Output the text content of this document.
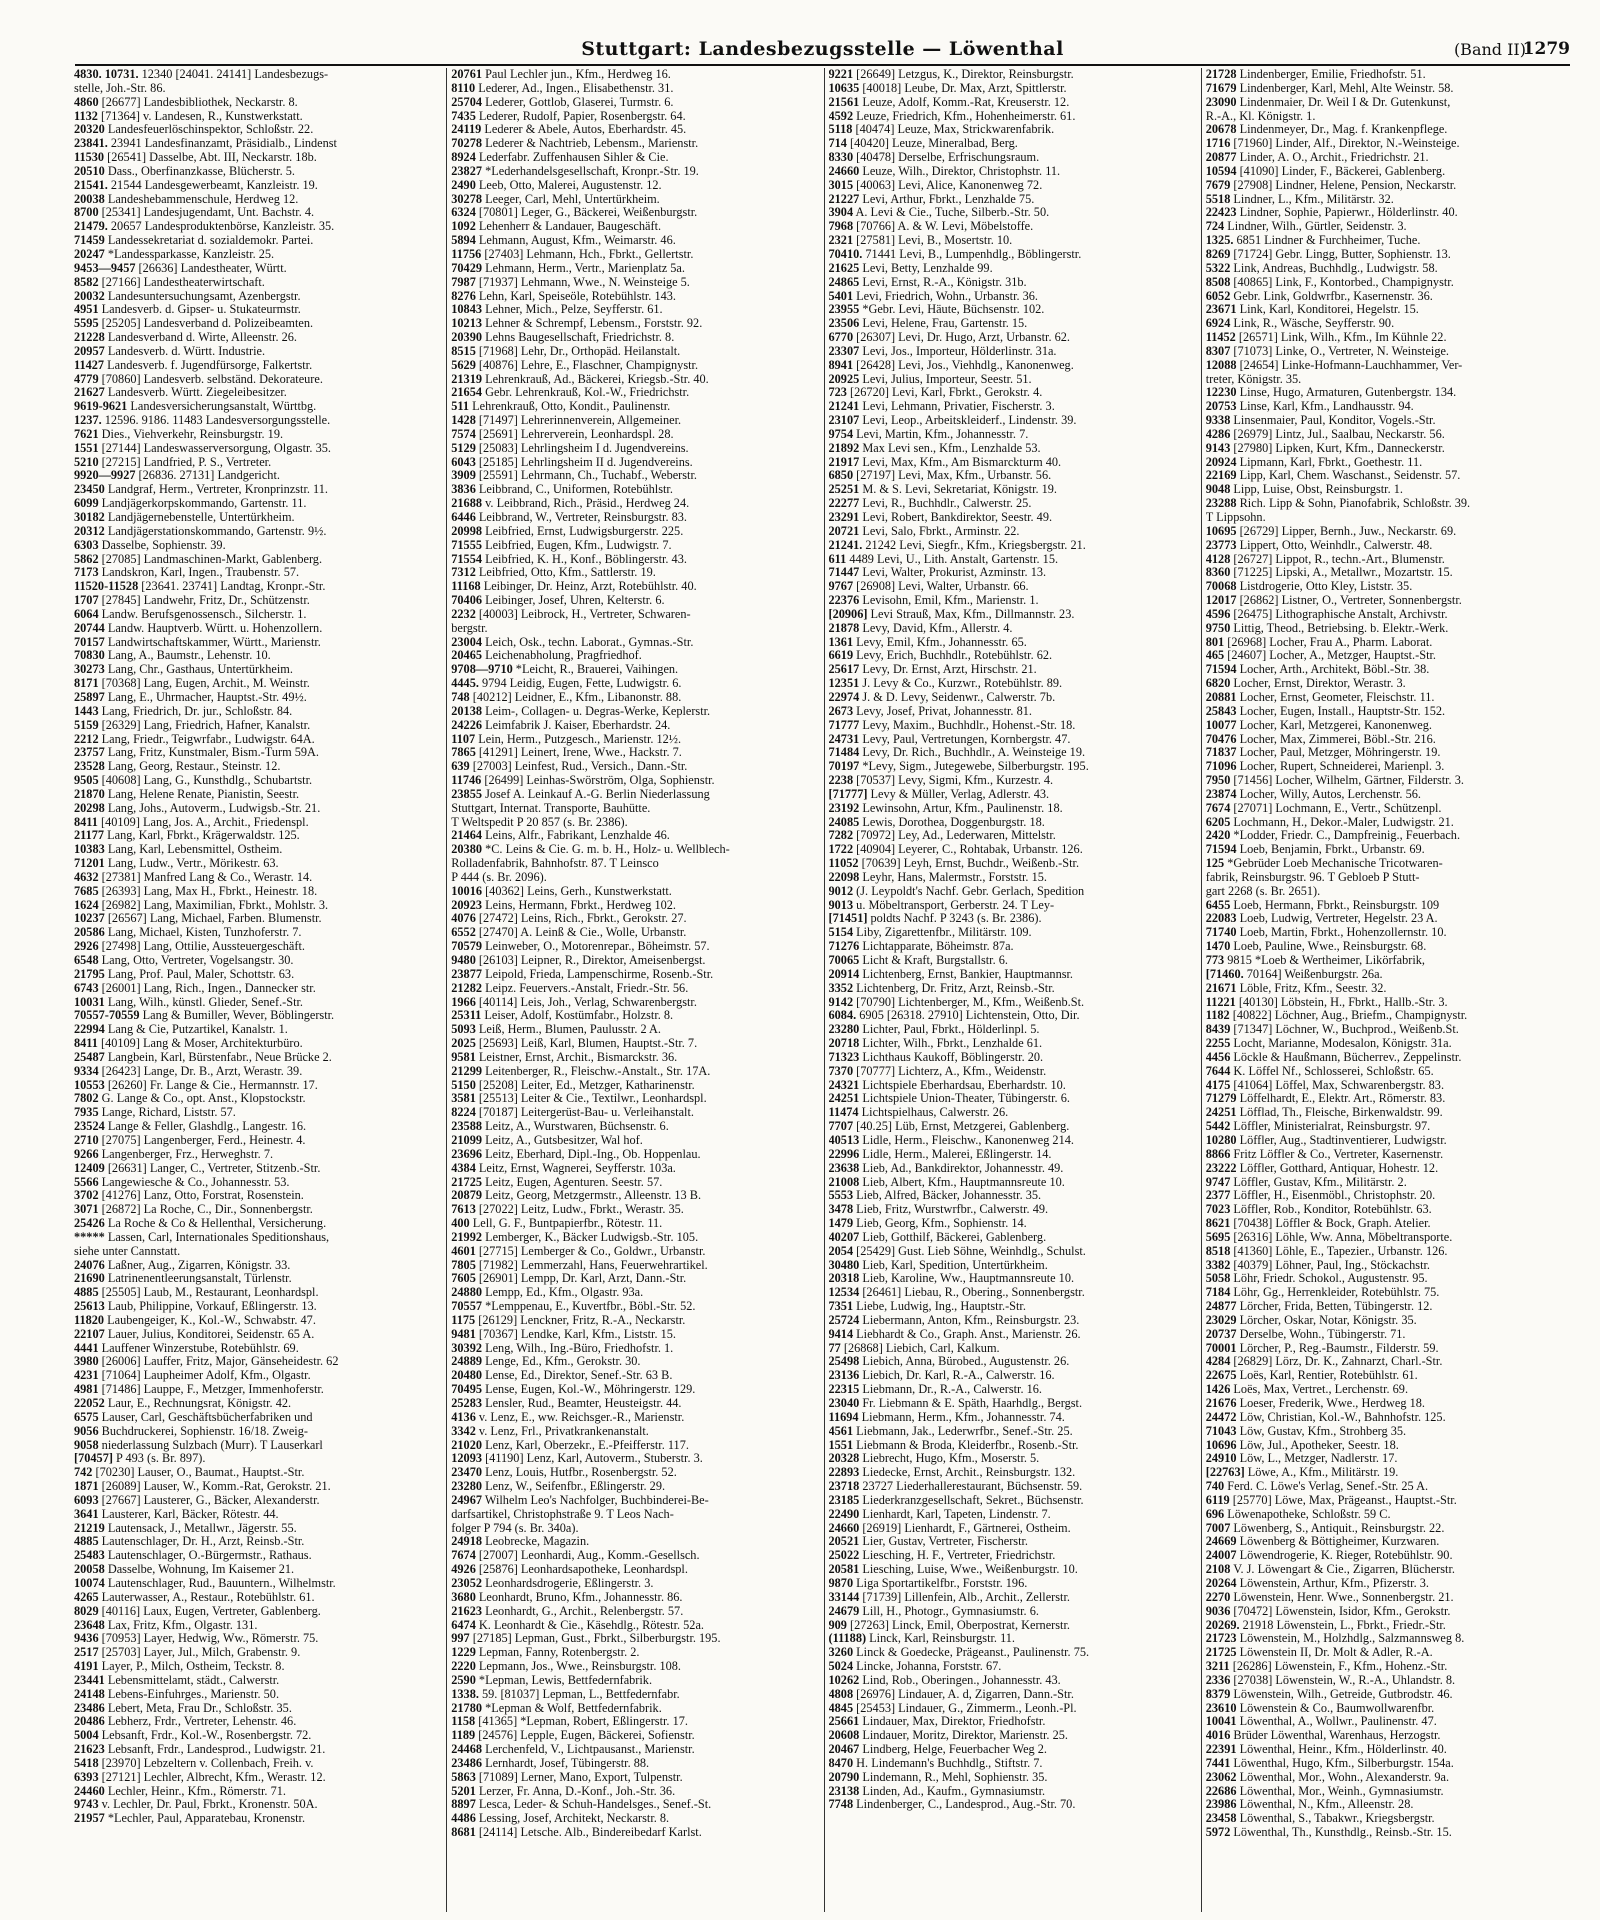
Stuttgart: Landesbezugsstelle — Löwenthal	(Band II)
1279
4830. 10731. 12340 [24041. 24141] Landesbezugs-
stelle, Joh.-Str. 86.
4860 [26677] Landesbibliothek, Neckarstr. 8.
1132 [71364] v. Landesen, R., Kunstwerkstatt.
20320 Landesfeuerlöschinspektor, Schloßstr. 22.
23841. 23941 Landesfinanzamt, Präsidialb., Lindenst
11530 [26541] Dasselbe, Abt. III, Neckarstr. 18b.
20510 Dass., Oberfinanzkasse, Blücherstr. 5.
21541. 21544 Landesgewerbeamt, Kanzleistr. 19.
20038 Landeshebammenschule, Herdweg 12.
8700 [25341] Landesjugendamt, Unt. Bachstr. 4.
21479. 20657 Landesproduktenbörse, Kanzleistr. 35.
71459 Landessekretariat d. sozialdemokr. Partei.
20247 *Landessparkasse, Kanzleistr. 25.
9453—9457 [26636] Landestheater, Württ.
8582 [27166] Landestheaterwirtschaft.
20032 Landesuntersuchungsamt, Azenbergstr.
4951 Landesverb. d. Gipser- u. Stukateurmstr.
5595 [25205] Landesverband d. Polizeibeamten.
21228 Landesverband d. Wirte, Alleenstr. 26.
20957 Landesverb. d. Württ. Industrie.
11427 Landesverb. f. Jugendfürsorge, Falkertstr.
4779 [70860] Landesverb. selbständ. Dekorateure.
21627 Landesverb. Württ. Ziegeleibesitzer.
9619-9621 Landesversicherungsanstalt, Württbg.
1237. 12596. 9186. 11483 Landesversorgungsstelle.
7621 Dies., Viehverkehr, Reinsburgstr. 19.
1551 [27144] Landeswasserversorgung, Olgastr. 35.
5210 [27215] Landfried, P. S., Vertreter.
9920—9927 [26836. 27131] Landgericht.
23450 Landgraf, Herm., Vertreter, Kronprinzstr. 11.
6099 Landjägerkorpskommando, Gartenstr. 11.
30182 Landjägernebenstelle, Untertürkheim.
20312 Landjägerstationskommando, Gartenstr. 9½.
6303 Dasselbe, Sophienstr. 39.
5862 [27085] Landmaschinen-Markt, Gablenberg.
7173 Landskron, Karl, Ingen., Traubenstr. 57.
11520-11528 [23641. 23741] Landtag, Kronpr.-Str.
1707 [27845] Landwehr, Fritz, Dr., Schützenstr.
6064 Landw. Berufsgenossensch., Silcherstr. 1.
20744 Landw. Hauptverb. Württ. u. Hohenzollern.
70157 Landwirtschaftskammer, Württ., Marienstr.
70830 Lang, A., Baumstr., Lehenstr. 10.
30273 Lang, Chr., Gasthaus, Untertürkheim.
8171 [70368] Lang, Eugen, Archit., M. Weinstr.
25897 Lang, E., Uhrmacher, Hauptst.-Str. 49½.
1443 Lang, Friedrich, Dr. jur., Schloßstr. 84.
5159 [26329] Lang, Friedrich, Hafner, Kanalstr.
2212 Lang, Friedr., Teigwrfabr., Ludwigstr. 64A.
23757 Lang, Fritz, Kunstmaler, Bism.-Turm 59A.
23528 Lang, Georg, Restaur., Steinstr. 12.
9505 [40608] Lang, G., Kunsthdlg., Schubartstr.
21870 Lang, Helene Renate, Pianistin, Seestr.
20298 Lang, Johs., Autoverm., Ludwigsb.-Str. 21.
8411 [40109] Lang, Jos. A., Archit., Friedenspl.
21177 Lang, Karl, Fbrkt., Krägerwaldstr. 125.
10383 Lang, Karl, Lebensmittel, Ostheim.
71201 Lang, Ludw., Vertr., Mörikestr. 63.
4632 [27381] Manfred Lang & Co., Werastr. 14.
7685 [26393] Lang, Max H., Fbrkt., Heinestr. 18.
1624 [26982] Lang, Maximilian, Fbrkt., Mohlstr. 3.
10237 [26567] Lang, Michael, Farben. Blumenstr.
20586 Lang, Michael, Kisten, Tunzhoferstr. 7.
2926 [27498] Lang, Ottilie, Aussteuergeschäft.
6548 Lang, Otto, Vertreter, Vogelsangstr. 30.
21795 Lang, Prof. Paul, Maler, Schottstr. 63.
6743 [26001] Lang, Rich., Ingen., Dannecker str.
10031 Lang, Wilh., künstl. Glieder, Senef.-Str.
70557-70559 Lang & Bumiller, Wever, Böblingerstr.
22994 Lang & Cie, Putzartikel, Kanalstr. 1.
8411 [40109] Lang & Moser, Architekturbüro.
25487 Langbein, Karl, Bürstenfabr., Neue Brücke 2.
9334 [26423] Lange, Dr. B., Arzt, Werastr. 39.
10553 [26260] Fr. Lange & Cie., Hermannstr. 17.
7802 G. Lange & Co., opt. Anst., Klopstockstr.
7935 Lange, Richard, Liststr. 57.
23524 Lange & Feller, Glashdlg., Langestr. 16.
2710 [27075] Langenberger, Ferd., Heinestr. 4.
9266 Langenberger, Frz., Herweghstr. 7.
12409 [26631] Langer, C., Vertreter, Stitzenb.-Str.
5566 Langewiesche & Co., Johannesstr. 53.
3702 [41276] Lanz, Otto, Forstrat, Rosenstein.
3071 [26872] La Roche, C., Dir., Sonnenbergstr.
25426 La Roche & Co & Hellenthal, Versicherung.
***** Lassen, Carl, Internationales Speditionshaus,
siehe unter Cannstatt.
24076 Laßner, Aug., Zigarren, Königstr. 33.
21690 Latrinenentleerungsanstalt, Türlenstr.
4885 [25505] Laub, M., Restaurant, Leonhardspl.
25613 Laub, Philippine, Vorkauf, Eßlingerstr. 13.
11820 Laubengeiger, K., Kol.-W., Schwabstr. 47.
22107 Lauer, Julius, Konditorei, Seidenstr. 65 A.
4441 Lauffener Winzerstube, Rotebühlstr. 69.
3980 [26006] Lauffer, Fritz, Major, Gänseheidestr. 62
4231 [71064] Laupheimer Adolf, Kfm., Olgastr.
4981 [71486] Lauppe, F., Metzger, Immenhoferstr.
22052 Laur, E., Rechnungsrat, Königstr. 42.
6575 Lauser, Carl, Geschäftsbücherfabriken und
9056 Buchdruckerei, Sophienstr. 16/18. Zweig-
9058 niederlassung Sulzbach (Murr). T Lauserkarl
[70457] P 493 (s. Br. 897).
742 [70230] Lauser, O., Baumat., Hauptst.-Str.
1871 [26089] Lauser, W., Komm.-Rat, Gerokstr. 21.
6093 [27667] Lausterer, G., Bäcker, Alexanderstr.
3641 Lausterer, Karl, Bäcker, Rötestr. 44.
21219 Lautensack, J., Metallwr., Jägerstr. 55.
4885 Lautenschlager, Dr. H., Arzt, Reinsb.-Str.
25483 Lautenschlager, O.-Bürgermstr., Rathaus.
20058 Dasselbe, Wohnung, Im Kaisemer 21.
10074 Lautenschlager, Rud., Bauuntern., Wilhelmstr.
4265 Lauterwasser, A., Restaur., Rotebühlstr. 61.
8029 [40116] Laux, Eugen, Vertreter, Gablenberg.
23648 Lax, Fritz, Kfm., Olgastr. 131.
9436 [70953] Layer, Hedwig, Ww., Römerstr. 75.
2517 [25703] Layer, Jul., Milch, Grabenstr. 9.
4191 Layer, P., Milch, Ostheim, Teckstr. 8.
23441 Lebensmittelamt, städt., Calwerstr.
24148 Lebens-Einfuhrges., Marienstr. 50.
23486 Lebert, Meta, Frau Dr., Schloßstr. 35.
20486 Lebherz, Frdr., Vertreter, Lehenstr. 46.
5004 Lebsanft, Frdr., Kol.-W., Rosenbergstr. 72.
21623 Lebsanft, Frdr., Landesprod., Ludwigstr. 21.
5418 [23970] Lebzeltern v. Collenbach, Freih. v.
6393 [27121] Lechler, Albrecht, Kfm., Werastr. 12.
24460 Lechler, Heinr., Kfm., Römerstr. 71.
9743 v. Lechler, Dr. Paul, Fbrkt., Kronenstr. 50A.
21957 *Lechler, Paul, Apparatebau, Kronenstr.
20761 Paul Lechler jun., Kfm., Herdweg 16.
8110 Lederer, Ad., Ingen., Elisabethenstr. 31.
25704 Lederer, Gottlob, Glaserei, Turmstr. 6.
7435 Lederer, Rudolf, Papier, Rosenbergstr. 64.
24119 Lederer & Abele, Autos, Eberhardstr. 45.
70278 Lederer & Nachtrieb, Lebensm., Marienstr.
8924 Lederfabr. Zuffenhausen Sihler & Cie.
23827 *Lederhandelsgesellschaft, Kronpr.-Str. 19.
2490 Leeb, Otto, Malerei, Augustenstr. 12.
30278 Leeger, Carl, Mehl, Untertürkheim.
6324 [70801] Leger, G., Bäckerei, Weißenburgstr.
1092 Lehenherr & Landauer, Baugeschäft.
5894 Lehmann, August, Kfm., Weimarstr. 46.
11756 [27403] Lehmann, Hch., Fbrkt., Gellertstr.
70429 Lehmann, Herm., Vertr., Marienplatz 5a.
7987 [71937] Lehmann, Wwe., N. Weinsteige 5.
8276 Lehn, Karl, Speiseöle, Rotebühlstr. 143.
10843 Lehner, Mich., Pelze, Seyfferstr. 61.
10213 Lehner & Schrempf, Lebensm., Forststr. 92.
20390 Lehns Baugesellschaft, Friedrichstr. 8.
8515 [71968] Lehr, Dr., Orthopäd. Heilanstalt.
5629 [40876] Lehre, E., Flaschner, Champignystr.
21319 Lehrenkrauß, Ad., Bäckerei, Kriegsb.-Str. 40.
21654 Gebr. Lehrenkrauß, Kol.-W., Friedrichstr.
511 Lehrenkrauß, Otto, Kondit., Paulinenstr.
1428 [71497] Lehrerinnenverein, Allgemeiner.
7574 [25691] Lehrerverein, Leonhardspl. 28.
5129 [25083] Lehrlingsheim I d. Jugendvereins.
6043 [25185] Lehrlingsheim II d. Jugendvereins.
3909 [25591] Lehrmann, Ch., Tuchabf., Weberstr.
3836 Leibbrand, C., Uniformen, Rotebühlstr.
21688 v. Leibbrand, Rich., Präsid., Herdweg 24.
6446 Leibbrand, W., Vertreter, Reinsburgstr. 83.
20998 Leibfried, Ernst, Ludwigsburgerstr. 225.
71555 Leibfried, Eugen, Kfm., Ludwigstr. 7.
71554 Leibfried, K. H., Konf., Böblingerstr. 43.
7312 Leibfried, Otto, Kfm., Sattlerstr. 19.
11168 Leibinger, Dr. Heinz, Arzt, Rotebühlstr. 40.
70406 Leibinger, Josef, Uhren, Kelterstr. 6.
2232 [40003] Leibrock, H., Vertreter, Schwaren-
bergstr.
23004 Leich, Osk., techn. Laborat., Gymnas.-Str.
20465 Leichenabholung, Pragfriedhof.
9708—9710 *Leicht, R., Brauerei, Vaihingen.
4445. 9794 Leidig, Eugen, Fette, Ludwigstr. 6.
748 [40212] Leidner, E., Kfm., Libanonstr. 88.
20138 Leim-, Collagen- u. Degras-Werke, Keplerstr.
24226 Leimfabrik J. Kaiser, Eberhardstr. 24.
1107 Lein, Herm., Putzgesch., Marienstr. 12½.
7865 [41291] Leinert, Irene, Wwe., Hackstr. 7.
639 [27003] Leinfest, Rud., Versich., Dann.-Str.
11746 [26499] Leinhas-Swörström, Olga, Sophienstr.
23855 Josef A. Leinkauf A.-G. Berlin Niederlassung
Stuttgart, Internat. Transporte, Bauhütte.
T Weltspedit P 20 857 (s. Br. 2386).
21464 Leins, Alfr., Fabrikant, Lenzhalde 46.
20380 *C. Leins & Cie. G. m. b. H., Holz- u. Wellblech-
Rolladenfabrik, Bahnhofstr. 87. T Leinsco
P 444 (s. Br. 2096).
10016 [40362] Leins, Gerh., Kunstwerkstatt.
20923 Leins, Hermann, Fbrkt., Herdweg 102.
4076 [27472] Leins, Rich., Fbrkt., Gerokstr. 27.
6552 [27470] A. Leinß & Cie., Wolle, Urbanstr.
70579 Leinweber, O., Motorenrepar., Böheimstr. 57.
9480 [26103] Leipner, R., Direktor, Ameisenbergst.
23877 Leipold, Frieda, Lampenschirme, Rosenb.-Str.
21282 Leipz. Feuervers.-Anstalt, Friedr.-Str. 56.
1966 [40114] Leis, Joh., Verlag, Schwarenbergstr.
25311 Leiser, Adolf, Kostümfabr., Holzstr. 8.
5093 Leiß, Herm., Blumen, Paulusstr. 2 A.
2025 [25693] Leiß, Karl, Blumen, Hauptst.-Str. 7.
9581 Leistner, Ernst, Archit., Bismarckstr. 36.
21299 Leitenberger, R., Fleischw.-Anstalt., Str. 17A.
5150 [25208] Leiter, Ed., Metzger, Katharinenstr.
3581 [25513] Leiter & Cie., Textilwr., Leonhardspl.
8224 [70187] Leitergerüst-Bau- u. Verleihanstalt.
23588 Leitz, A., Wurstwaren, Büchsenstr. 6.
21099 Leitz, A., Gutsbesitzer, Wal hof.
23696 Leitz, Eberhard, Dipl.-Ing., Ob. Hoppenlau.
4384 Leitz, Ernst, Wagnerei, Seyfferstr. 103a.
21725 Leitz, Eugen, Agenturen. Seestr. 57.
20879 Leitz, Georg, Metzgermstr., Alleenstr. 13 B.
7613 [27022] Leitz, Ludw., Fbrkt., Werastr. 35.
400 Lell, G. F., Buntpapierfbr., Rötestr. 11.
21992 Lemberger, K., Bäcker Ludwigsb.-Str. 105.
4601 [27715] Lemberger & Co., Goldwr., Urbanstr.
7805 [71982] Lemmerzahl, Hans, Feuerwehrartikel.
7605 [26901] Lempp, Dr. Karl, Arzt, Dann.-Str.
24880 Lempp, Ed., Kfm., Olgastr. 93a.
70557 *Lemppenau, E., Kuvertfbr., Böbl.-Str. 52.
1175 [26129] Lenckner, Fritz, R.-A., Neckarstr.
9481 [70367] Lendke, Karl, Kfm., Liststr. 15.
30392 Leng, Wilh., Ing.-Büro, Friedhofstr. 1.
24889 Lenge, Ed., Kfm., Gerokstr. 30.
20480 Lense, Ed., Direktor, Senef.-Str. 63 B.
70495 Lense, Eugen, Kol.-W., Möhringerstr. 129.
25283 Lensler, Rud., Beamter, Heusteigstr. 44.
4136 v. Lenz, E., ww. Reichsger.-R., Marienstr.
3342 v. Lenz, Frl., Privatkrankenanstalt.
21020 Lenz, Karl, Oberzekr., E.-Pfeifferstr. 117.
12093 [41190] Lenz, Karl, Autoverm., Stuberstr. 3.
23470 Lenz, Louis, Hutfbr., Rosenbergstr. 52.
23280 Lenz, W., Seifenfbr., Eßlingerstr. 29.
24967 Wilhelm Leo's Nachfolger, Buchbinderei-Be-
darfsartikel, Christophstraße 9. T Leos Nach-
folger P 794 (s. Br. 340a).
24918 Leobrecke, Magazin.
7674 [27007] Leonhardi, Aug., Komm.-Gesellsch.
4926 [25876] Leonhardsapotheke, Leonhardspl.
23052 Leonhardsdrogerie, Eßlingerstr. 3.
3680 Leonhardt, Bruno, Kfm., Johannesstr. 86.
21623 Leonhardt, G., Archit., Relenbergstr. 57.
6474 K. Leonhardt & Cie., Käsehdlg., Rötestr. 52a.
997 [27185] Lepman, Gust., Fbrkt., Silberburgstr. 195.
1229 Lepman, Fanny, Rotenbergstr. 2.
2220 Lepmann, Jos., Wwe., Reinsburgstr. 108.
2590 *Lepman, Lewis, Bettfedernfabrik.
1338. 59. [81037] Lepman, L., Bettfedernfabr.
21780 *Lepman & Wolf, Bettfedernfabrik.
1158 [41365] *Lepman, Robert, Eßlingerstr. 17.
1189 [24576] Lepple, Eugen, Bäckerei, Sofienstr.
24468 Lerchenfeld, V., Lichtpausanst., Marienstr.
23486 Lernhardt, Josef, Tübingerstr. 88.
5863 [71089] Lerner, Mano, Export, Tulpenstr.
5201 Lerzer, Fr. Anna, D.-Konf., Joh.-Str. 36.
8897 Lesca, Leder- & Schuh-Handelsges., Senef.-St.
4486 Lessing, Josef, Architekt, Neckarstr. 8.
8681 [24114] Letsche. Alb., Bindereibedarf Karlst.
9221 [26649] Letzgus, K., Direktor, Reinsburgstr.
10635 [40018] Leube, Dr. Max, Arzt, Spittlerstr.
21561 Leuze, Adolf, Komm.-Rat, Kreuserstr. 12.
4592 Leuze, Friedrich, Kfm., Hohenheimerstr. 61.
5118 [40474] Leuze, Max, Strickwarenfabrik.
714 [40420] Leuze, Mineralbad, Berg.
8330 [40478] Derselbe, Erfrischungsraum.
24660 Leuze, Wilh., Direktor, Christophstr. 11.
3015 [40063] Levi, Alice, Kanonenweg 72.
21227 Levi, Arthur, Fbrkt., Lenzhalde 75.
3904 A. Levi & Cie., Tuche, Silberb.-Str. 50.
7968 [70766] A. & W. Levi, Möbelstoffe.
2321 [27581] Levi, B., Mosertstr. 10.
70410. 71441 Levi, B., Lumpenhdlg., Böblingerstr.
21625 Levi, Betty, Lenzhalde 99.
24865 Levi, Ernst, R.-A., Königstr. 31b.
5401 Levi, Friedrich, Wohn., Urbanstr. 36.
23955 *Gebr. Levi, Häute, Büchsenstr. 102.
23506 Levi, Helene, Frau, Gartenstr. 15.
6770 [26307] Levi, Dr. Hugo, Arzt, Urbanstr. 62.
23307 Levi, Jos., Importeur, Hölderlinstr. 31a.
8941 [26428] Levi, Jos., Viehhdlg., Kanonenweg.
20925 Levi, Julius, Importeur, Seestr. 51.
723 [26720] Levi, Karl, Fbrkt., Gerokstr. 4.
21241 Levi, Lehmann, Privatier, Fischerstr. 3.
23107 Levi, Leop., Arbeitskleiderf., Lindenstr. 39.
9754 Levi, Martin, Kfm., Johannesstr. 7.
21892 Max Levi sen., Kfm., Lenzhalde 53.
21917 Levi, Max, Kfm., Am Bismarckturm 40.
6850 [27197] Levi, Max, Kfm., Urbanstr. 56.
25251 M. & S. Levi, Sekretariat, Königstr. 19.
22277 Levi, R., Buchhdlr., Calwerstr. 25.
23291 Levi, Robert, Bankdirektor, Seestr. 49.
20721 Levi, Salo, Fbrkt., Arminstr. 22.
21241. 21242 Levi, Siegfr., Kfm., Kriegsbergstr. 21.
611 4489 Levi, U., Lith. Anstalt, Gartenstr. 15.
71447 Levi, Walter, Prokurist, Azminstr. 13.
9767 [26908] Levi, Walter, Urbanstr. 66.
22376 Levisohn, Emil, Kfm., Marienstr. 1.
[20906] Levi Strauß, Max, Kfm., Dillmannstr. 23.
21878 Levy, David, Kfm., Allerstr. 4.
1361 Levy, Emil, Kfm., Johannesstr. 65.
6619 Levy, Erich, Buchhdlr., Rotebühlstr. 62.
25617 Levy, Dr. Ernst, Arzt, Hirschstr. 21.
12351 J. Levy & Co., Kurzwr., Rotebühlstr. 89.
22974 J. & D. Levy, Seidenwr., Calwerstr. 7b.
2673 Levy, Josef, Privat, Johannesstr. 81.
71777 Levy, Maxim., Buchhdlr., Hohenst.-Str. 18.
24731 Levy, Paul, Vertretungen, Kornbergstr. 47.
71484 Levy, Dr. Rich., Buchhdlr., A. Weinsteige 19.
70197 *Levy, Sigm., Jutegewebe, Silberburgstr. 195.
2238 [70537] Levy, Sigmi, Kfm., Kurzestr. 4.
[71777] Levy & Müller, Verlag, Adlerstr. 43.
23192 Lewinsohn, Artur, Kfm., Paulinenstr. 18.
24085 Lewis, Dorothea, Doggenburgstr. 18.
7282 [70972] Ley, Ad., Lederwaren, Mittelstr.
1722 [40904] Leyerer, C., Rohtabak, Urbanstr. 126.
11052 [70639] Leyh, Ernst, Buchdr., Weißenb.-Str.
22098 Leyhr, Hans, Malermstr., Forststr. 15.
9012 (J. Leypoldt's Nachf. Gebr. Gerlach, Spedition
9013 u. Möbeltransport, Gerberstr. 24. T Ley-
[71451] poldts Nachf. P 3243 (s. Br. 2386).
5154 Liby, Zigarettenfbr., Militärstr. 109.
71276 Lichtapparate, Böheimstr. 87a.
70065 Licht & Kraft, Burgstallstr. 6.
20914 Lichtenberg, Ernst, Bankier, Hauptmannsr.
3352 Lichtenberg, Dr. Fritz, Arzt, Reinsb.-Str.
9142 [70790] Lichtenberger, M., Kfm., Weißenb.St.
6084. 6905 [26318. 27910] Lichtenstein, Otto, Dir.
23280 Lichter, Paul, Fbrkt., Hölderlinpl. 5.
20718 Lichter, Wilh., Fbrkt., Lenzhalde 61.
71323 Lichthaus Kaukoff, Böblingerstr. 20.
7370 [70777] Lichterz, A., Kfm., Weidenstr.
24321 Lichtspiele Eberhardsau, Eberhardstr. 10.
24251 Lichtspiele Union-Theater, Tübingerstr. 6.
11474 Lichtspielhaus, Calwerstr. 26.
7707 [40.25] Lüb, Ernst, Metzgerei, Gablenberg.
40513 Lidle, Herm., Fleischw., Kanonenweg 214.
22996 Lidle, Herm., Malerei, Eßlingerstr. 14.
23638 Lieb, Ad., Bankdirektor, Johannesstr. 49.
21008 Lieb, Albert, Kfm., Hauptmannsreute 10.
5553 Lieb, Alfred, Bäcker, Johannesstr. 35.
3478 Lieb, Fritz, Wurstwrfbr., Calwerstr. 49.
1479 Lieb, Georg, Kfm., Sophienstr. 14.
40207 Lieb, Gotthilf, Bäckerei, Gablenberg.
2054 [25429] Gust. Lieb Söhne, Weinhdlg., Schulst.
30480 Lieb, Karl, Spedition, Untertürkheim.
20318 Lieb, Karoline, Ww., Hauptmannsreute 10.
12534 [26461] Liebau, R., Obering., Sonnenbergstr.
7351 Liebe, Ludwig, Ing., Hauptstr.-Str.
25724 Liebermann, Anton, Kfm., Reinsburgstr. 23.
9414 Liebhardt & Co., Graph. Anst., Marienstr. 26.
77 [26868] Liebich, Carl, Kalkum.
25498 Liebich, Anna, Bürobed., Augustenstr. 26.
23136 Liebich, Dr. Karl, R.-A., Calwerstr. 16.
22315 Liebmann, Dr., R.-A., Calwerstr. 16.
23040 Fr. Liebmann & E. Späth, Haarhdlg., Bergst.
11694 Liebmann, Herm., Kfm., Johannesstr. 74.
4561 Liebmann, Jak., Lederwrfbr., Senef.-Str. 25.
1551 Liebmann & Broda, Kleiderfbr., Rosenb.-Str.
20328 Liebrecht, Hugo, Kfm., Moserstr. 5.
22893 Liedecke, Ernst, Archit., Reinsburgstr. 132.
23718 23727 Liederhallerestaurant, Büchsenstr. 59.
23185 Liederkranzgesellschaft, Sekret., Büchsenstr.
22490 Lienhardt, Karl, Tapeten, Lindenstr. 7.
24660 [26919] Lienhardt, F., Gärtnerei, Ostheim.
20521 Lier, Gustav, Vertreter, Fischerstr.
25022 Liesching, H. F., Vertreter, Friedrichstr.
20581 Liesching, Luise, Wwe., Weißenburgstr. 10.
9870 Liga Sportartikelfbr., Forststr. 196.
33144 [71739] Lillenfein, Alb., Archit., Zellerstr.
24679 Lill, H., Photogr., Gymnasiumstr. 6.
909 [27263] Linck, Emil, Oberpostrat, Kernerstr.
(11188) Linck, Karl, Reinsburgstr. 11.
3260 Linck & Goedecke, Prägeanst., Paulinenstr. 75.
5024 Lincke, Johanna, Forststr. 67.
10262 Lind, Rob., Oberingen., Johannesstr. 43.
4808 [26976] Lindauer, A. d, Zigarren, Dann.-Str.
4845 [25453] Lindauer, G., Zimmerm., Leonh.-Pl.
25661 Lindauer, Max, Direktor, Friedhofstr.
20608 Lindauer, Moritz, Direktor, Marienstr. 25.
20467 Lindberg, Helge, Feuerbacher Weg 2.
8470 H. Lindemann's Buchhdlg., Stiftstr. 7.
20790 Lindemann, R., Mehl, Sophienstr. 35.
23138 Linden, Ad., Kaufm., Gymnasiumstr.
7748 Lindenberger, C., Landesprod., Aug.-Str. 70.
21728 Lindenberger, Emilie, Friedhofstr. 51.
71679 Lindenberger, Karl, Mehl, Alte Weinstr. 58.
23090 Lindenmaier, Dr. Weil I & Dr. Gutenkunst,
R.-A., Kl. Königstr. 1.
20678 Lindenmeyer, Dr., Mag. f. Krankenpflege.
1716 [71960] Linder, Alf., Direktor, N.-Weinsteige.
20877 Linder, A. O., Archit., Friedrichstr. 21.
10594 [41090] Linder, F., Bäckerei, Gablenberg.
7679 [27908] Lindner, Helene, Pension, Neckarstr.
5518 Lindner, L., Kfm., Militärstr. 32.
22423 Lindner, Sophie, Papierwr., Hölderlinstr. 40.
724 Lindner, Wilh., Gürtler, Seidenstr. 3.
1325. 6851 Lindner & Furchheimer, Tuche.
8269 [71724] Gebr. Lingg, Butter, Sophienstr. 13.
5322 Link, Andreas, Buchhdlg., Ludwigstr. 58.
8508 [40865] Link, F., Kontorbed., Champignystr.
6052 Gebr. Link, Goldwrfbr., Kasernenstr. 36.
23671 Link, Karl, Konditorei, Hegelstr. 15.
6924 Link, R., Wäsche, Seyfferstr. 90.
11452 [26571] Link, Wilh., Kfm., Im Kühnle 22.
8307 [71073] Linke, O., Vertreter, N. Weinsteige.
12088 [24654] Linke-Hofmann-Lauchhammer, Ver-
treter, Königstr. 35.
12230 Linse, Hugo, Armaturen, Gutenbergstr. 134.
20753 Linse, Karl, Kfm., Landhausstr. 94.
9338 Linsenmaier, Paul, Konditor, Vogels.-Str.
4286 [26979] Lintz, Jul., Saalbau, Neckarstr. 56.
9143 [27980] Lipken, Kurt, Kfm., Danneckerstr.
20924 Lipmann, Karl, Fbrkt., Goethestr. 11.
22169 Lipp, Karl, Chem. Waschanst., Seidenstr. 57.
9048 Lipp, Luise, Obst, Reinsburgstr. 1.
23288 Rich. Lipp & Sohn, Pianofabrik, Schloßstr. 39.
T Lippsohn.
10695 [26729] Lipper, Bernh., Juw., Neckarstr. 69.
23773 Lippert, Otto, Weinhdlr., Calwerstr. 48.
4128 [26727] Lippot, R., techn.-Art., Blumenstr.
8360 [71225] Lipski, A., Metallwr., Mozartstr. 15.
70068 Listdrogerie, Otto Kley, Liststr. 35.
12017 [26862] Listner, O., Vertreter, Sonnenbergstr.
4596 [26475] Lithographische Anstalt, Archivstr.
9750 Littig, Theod., Betriebsing. b. Elektr.-Werk.
801 [26968] Locher, Frau A., Pharm. Laborat.
465 [24607] Locher, A., Metzger, Hauptst.-Str.
71594 Locher, Arth., Architekt, Böbl.-Str. 38.
6820 Locher, Ernst, Direktor, Werastr. 3.
20881 Locher, Ernst, Geometer, Fleischstr. 11.
25843 Locher, Eugen, Install., Hauptstr-Str. 152.
10077 Locher, Karl, Metzgerei, Kanonenweg.
70476 Locher, Max, Zimmerei, Böbl.-Str. 216.
71837 Locher, Paul, Metzger, Möhringerstr. 19.
71096 Locher, Rupert, Schneiderei, Marienpl. 3.
7950 [71456] Locher, Wilhelm, Gärtner, Filderstr. 3.
23874 Locher, Willy, Autos, Lerchenstr. 56.
7674 [27071] Lochmann, E., Vertr., Schützenpl.
6205 Lochmann, H., Dekor.-Maler, Ludwigstr. 21.
2420 *Lodder, Friedr. C., Dampfreinig., Feuerbach.
71594 Loeb, Benjamin, Fbrkt., Urbanstr. 69.
125 *Gebrüder Loeb Mechanische Tricotwaren-
fabrik, Reinsburgstr. 96. T Gebloeb P Stutt-
gart 2268 (s. Br. 2651).
6455 Loeb, Hermann, Fbrkt., Reinsburgstr. 109
22083 Loeb, Ludwig, Vertreter, Hegelstr. 23 A.
71740 Loeb, Martin, Fbrkt., Hohenzollernstr. 10.
1470 Loeb, Pauline, Wwe., Reinsburgstr. 68.
773 9815 *Loeb & Wertheimer, Likörfabrik,
[71460. 70164] Weißenburgstr. 26a.
21671 Löble, Fritz, Kfm., Seestr. 32.
11221 [40130] Löbstein, H., Fbrkt., Hallb.-Str. 3.
1182 [40822] Löchner, Aug., Briefm., Champignystr.
8439 [71347] Löchner, W., Buchprod., Weißenb.St.
2255 Locht, Marianne, Modesalon, Königstr. 31a.
4456 Löckle & Haußmann, Bücherrev., Zeppelinstr.
7644 K. Löffel Nf., Schlosserei, Schloßstr. 65.
4175 [41064] Löffel, Max, Schwarenbergstr. 83.
71279 Löffelhardt, E., Elektr. Art., Römerstr. 83.
24251 Löfflad, Th., Fleische, Birkenwaldstr. 99.
5442 Löffler, Ministerialrat, Reinsburgstr. 97.
10280 Löffler, Aug., Stadtinventierer, Ludwigstr.
8866 Fritz Löffler & Co., Vertreter, Kasernenstr.
23222 Löffler, Gotthard, Antiquar, Hohestr. 12.
9747 Löffler, Gustav, Kfm., Militärstr. 2.
2377 Löffler, H., Eisenmöbl., Christophstr. 20.
7023 Löffler, Rob., Konditor, Rotebühlstr. 63.
8621 [70438] Löffler & Bock, Graph. Atelier.
5695 [26316] Löhle, Ww. Anna, Möbeltransporte.
8518 [41360] Löhle, E., Tapezier., Urbanstr. 126.
3382 [40379] Löhner, Paul, Ing., Stöckachstr.
5058 Löhr, Friedr. Schokol., Augustenstr. 95.
7184 Löhr, Gg., Herrenkleider, Rotebühlstr. 75.
24877 Lörcher, Frida, Betten, Tübingerstr. 12.
23029 Lörcher, Oskar, Notar, Königstr. 35.
20737 Derselbe, Wohn., Tübingerstr. 71.
70001 Lörcher, P., Reg.-Baumstr., Filderstr. 59.
4284 [26829] Lörz, Dr. K., Zahnarzt, Charl.-Str.
22675 Loës, Karl, Rentier, Rotebühlstr. 61.
1426 Loës, Max, Vertret., Lerchenstr. 69.
21676 Loeser, Frederik, Wwe., Herdweg 18.
24472 Löw, Christian, Kol.-W., Bahnhofstr. 125.
71043 Löw, Gustav, Kfm., Strohberg 35.
10696 Löw, Jul., Apotheker, Seestr. 18.
24910 Löw, L., Metzger, Nadlerstr. 17.
[22763] Löwe, A., Kfm., Militärstr. 19.
740 Ferd. C. Löwe's Verlag, Senef.-Str. 25 A.
6119 [25770] Löwe, Max, Prägeanst., Hauptst.-Str.
696 Löwenapotheke, Schloßstr. 59 C.
7007 Löwenberg, S., Antiquit., Reinsburgstr. 22.
24669 Löwenberg & Böttigheimer, Kurzwaren.
24007 Löwendrogerie, K. Rieger, Rotebühlstr. 90.
2108 V. J. Löwengart & Cie., Zigarren, Blücherstr.
20264 Löwenstein, Arthur, Kfm., Pfizerstr. 3.
2270 Löwenstein, Henr. Wwe., Sonnenbergstr. 21.
9036 [70472] Löwenstein, Isidor, Kfm., Gerokstr.
20269. 21918 Löwenstein, L., Fbrkt., Friedr.-Str.
21723 Löwenstein, M., Holzhdlg., Salzmannsweg 8.
21725 Löwenstein II, Dr. Molt & Adler, R.-A.
3211 [26286] Löwenstein, F., Kfm., Hohenz.-Str.
2336 [27038] Löwenstein, W., R.-A., Uhlandstr. 8.
8379 Löwenstein, Wilh., Getreide, Gutbrodstr. 46.
23610 Löwenstein & Co., Baumwollwarenfbr.
10041 Löwenthal, A., Wollwr., Paulinenstr. 47.
4016 Brüder Löwenthal, Warenhaus, Herzogstr.
22391 Löwenthal, Heinr., Kfm., Hölderlinstr. 40.
7441 Löwenthal, Hugo, Kfm., Silberburgstr. 154a.
23062 Löwenthal, Mor., Wohn., Alexanderstr. 9a.
22686 Löwenthal, Mor., Weinh., Gymnasiumstr.
23986 Löwenthal, N., Kfm., Alleenstr. 28.
23458 Löwenthal, S., Tabakwr., Kriegsbergstr.
5972 Löwenthal, Th., Kunsthdlg., Reinsb.-Str. 15.
